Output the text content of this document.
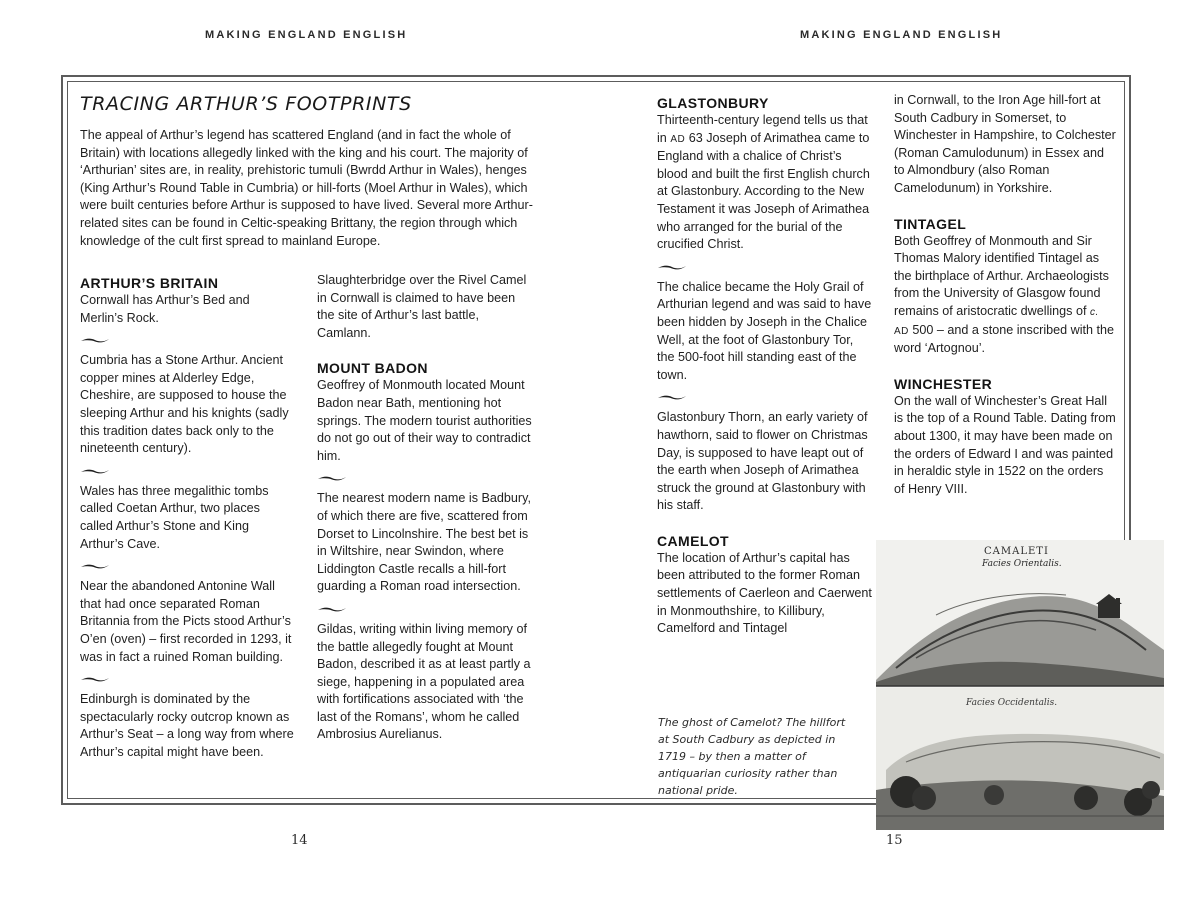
MAKING ENGLAND ENGLISH	MAKING ENGLAND ENGLISH
TRACING ARTHUR’S FOOTPRINTS

The appeal of Arthur’s legend has scattered England (and in fact the whole of Britain) with locations allegedly linked with the king and his court. The majority of ‘Arthurian’ sites are, in reality, prehistoric tumuli (Bwrdd Arthur in Wales), henges (King Arthur’s Round Table in Cumbria) or hill-forts (Moel Arthur in Wales), which were built centuries before Arthur is supposed to have lived. Several more Arthur-related sites can be found in Celtic-speaking Brittany, the region through which knowledge of the cult first spread to mainland Europe.

ARTHUR’S BRITAIN

Cornwall has Arthur’s Bed and Merlin’s Rock.

Cumbria has a Stone Arthur. Ancient copper mines at Alderley Edge, Cheshire, are supposed to house the sleeping Arthur and his knights (sadly this tradition dates back only to the nineteenth century).

Wales has three megalithic tombs called Coetan Arthur, two places called Arthur’s Stone and King Arthur’s Cave.

Near the abandoned Antonine Wall that had once separated Roman Britannia from the Picts stood Arthur’s O’en (oven) – first recorded in 1293, it was in fact a ruined Roman building.

Edinburgh is dominated by the spectacularly rocky outcrop known as Arthur’s Seat – a long way from where Arthur’s capital might have been.

Slaughterbridge over the Rivel Camel in Cornwall is claimed to have been the site of Arthur’s last battle, Camlann.

MOUNT BADON

Geoffrey of Monmouth located Mount Badon near Bath, mentioning hot springs. The modern tourist authorities do not go out of their way to contradict him.

The nearest modern name is Badbury, of which there are five, scattered from Dorset to Lincolnshire. The best bet is in Wiltshire, near Swindon, where Liddington Castle recalls a hill-fort guarding a Roman road intersection.

Gildas, writing within living memory of the battle allegedly fought at Mount Badon, described it as at least partly a siege, happening in a populated area with fortifications associated with ‘the last of the Romans’, whom he called Ambrosius Aurelianus.

GLASTONBURY

Thirteenth-century legend tells us that in AD 63 Joseph of Arimathea came to England with a chalice of Christ’s blood and built the first English church at Glastonbury. According to the New Testament it was Joseph of Arimathea who arranged for the burial of the crucified Christ.

The chalice became the Holy Grail of Arthurian legend and was said to have been hidden by Joseph in the Chalice Well, at the foot of Glastonbury Tor, the 500-foot hill standing east of the town.

Glastonbury Thorn, an early variety of hawthorn, said to flower on Christmas Day, is supposed to have leapt out of the earth when Joseph of Arimathea struck the ground at Glastonbury with his staff.

CAMELOT

The location of Arthur’s capital has been attributed to the former Roman settlements of Caerleon and Caerwent in Monmouthshire, to Killibury, Camelford and Tintagel

in Cornwall, to the Iron Age hill-fort at South Cadbury in Somerset, to Winchester in Hampshire, to Colchester (Roman Camulodunum) in Essex and to Almondbury (also Roman Camelodunum) in Yorkshire.

TINTAGEL

Both Geoffrey of Monmouth and Sir Thomas Malory identified Tintagel as the birthplace of Arthur. Archaeologists from the University of Glasgow found remains of aristocratic dwellings of c. AD 500 – and a stone inscribed with the word ‘Artognou’.

WINCHESTER

On the wall of Winchester’s Great Hall is the top of a Round Table. Dating from about 1300, it may have been made on the orders of Edward I and was painted in heraldic style in 1522 on the orders of Henry VIII.

The ghost of Camelot? The hillfort at South Cadbury as depicted in 1719 – by then a matter of antiquarian curiosity rather than national pride.
CAMALETI
Facies Orientalis.
Facies Occidentalis.
14	15
